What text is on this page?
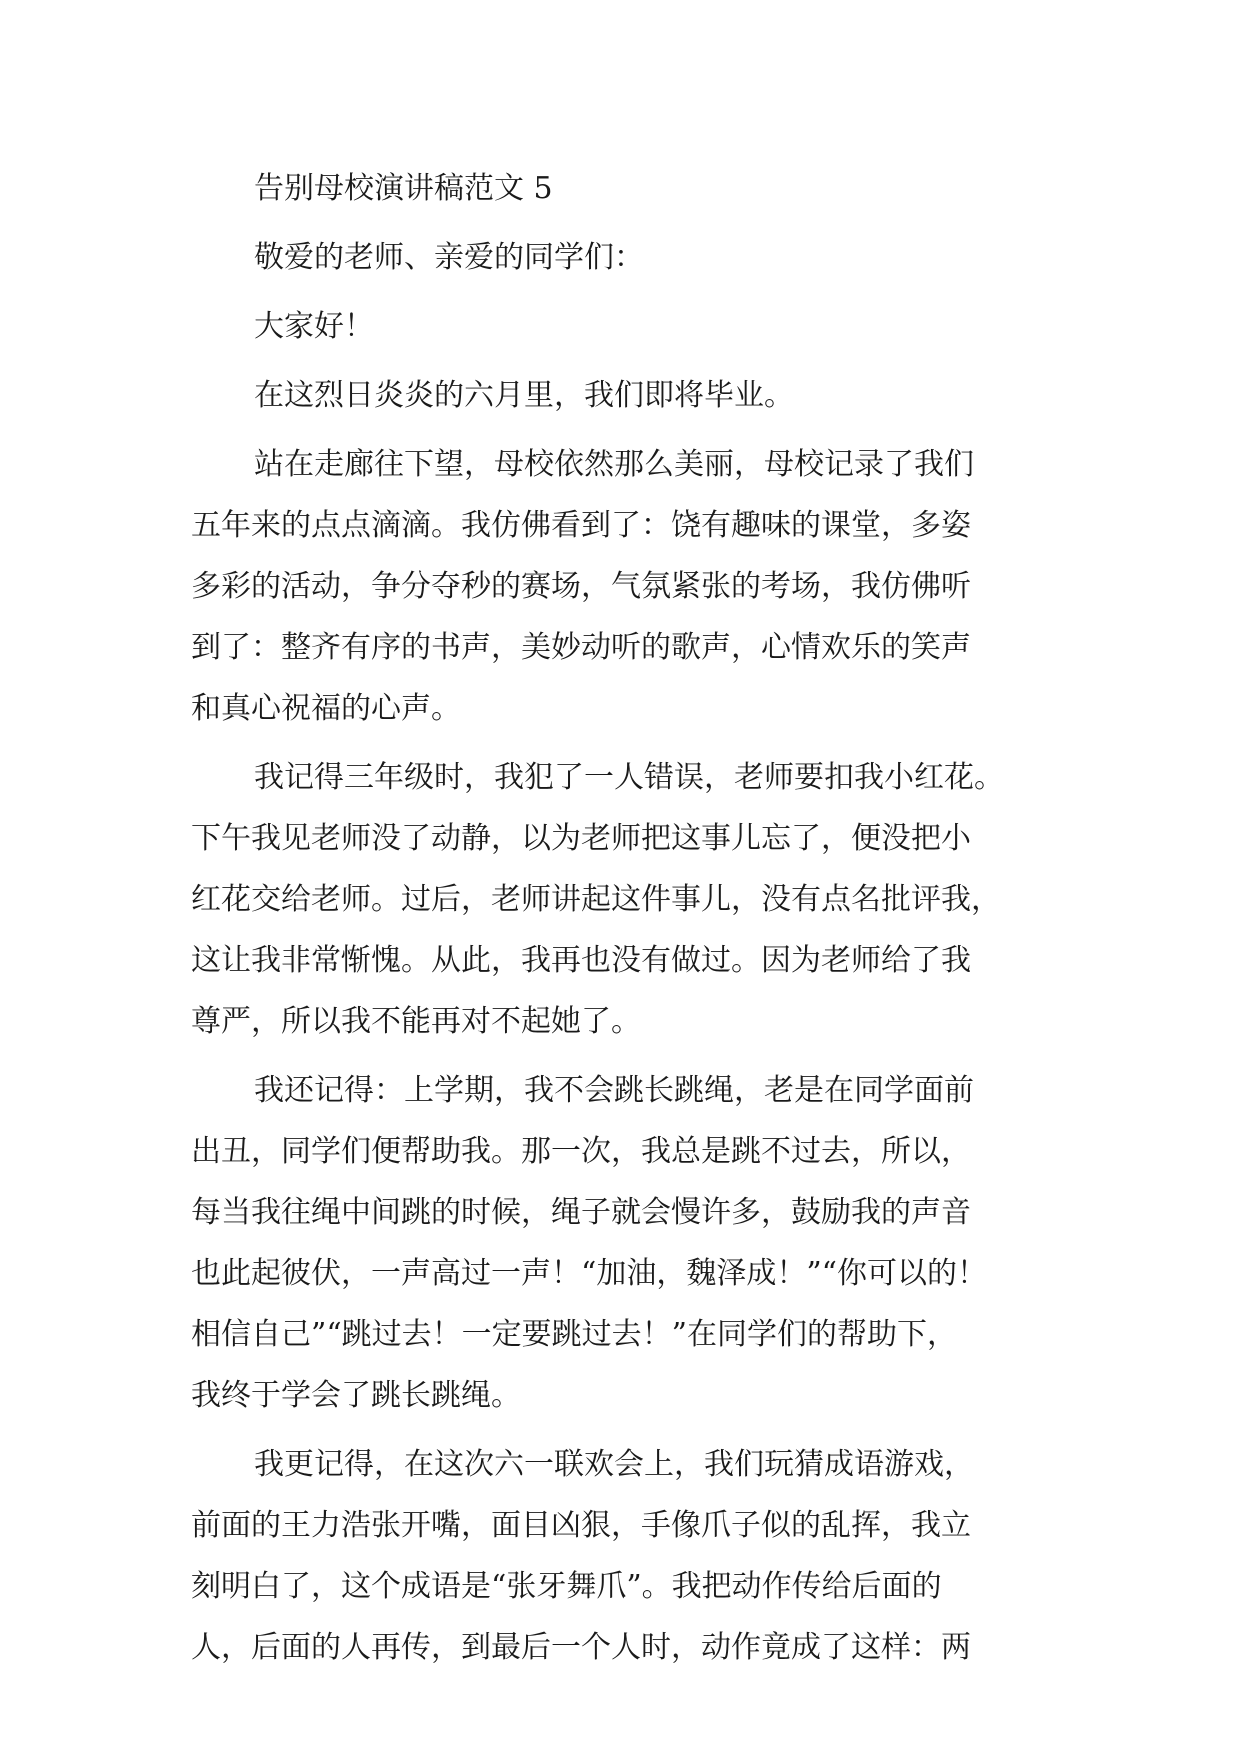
告别母校演讲稿范文 5
敬爱的老师、亲爱的同学们：
大家好！
在这烈日炎炎的六月里，我们即将毕业。
站在走廊往下望，母校依然那么美丽，母校记录了我们
五年来的点点滴滴。我仿佛看到了：饶有趣味的课堂，多姿
多彩的活动，争分夺秒的赛场，气氛紧张的考场，我仿佛听
到了：整齐有序的书声，美妙动听的歌声，心情欢乐的笑声
和真心祝福的心声。
我记得三年级时，我犯了一人错误，老师要扣我小红花。
下午我见老师没了动静，以为老师把这事儿忘了，便没把小
红花交给老师。过后，老师讲起这件事儿，没有点名批评我，
这让我非常惭愧。从此，我再也没有做过。因为老师给了我
尊严，所以我不能再对不起她了。
我还记得：上学期，我不会跳长跳绳，老是在同学面前
出丑，同学们便帮助我。那一次，我总是跳不过去，所以，
每当我往绳中间跳的时候，绳子就会慢许多，鼓励我的声音
也此起彼伏，一声高过一声！“加油，魏泽成！”“你可以的！
相信自己”“跳过去！一定要跳过去！”在同学们的帮助下，
我终于学会了跳长跳绳。
我更记得，在这次六一联欢会上，我们玩猜成语游戏，
前面的王力浩张开嘴，面目凶狠，手像爪子似的乱挥，我立
刻明白了，这个成语是“张牙舞爪”。我把动作传给后面的
人，后面的人再传，到最后一个人时，动作竟成了这样：两
